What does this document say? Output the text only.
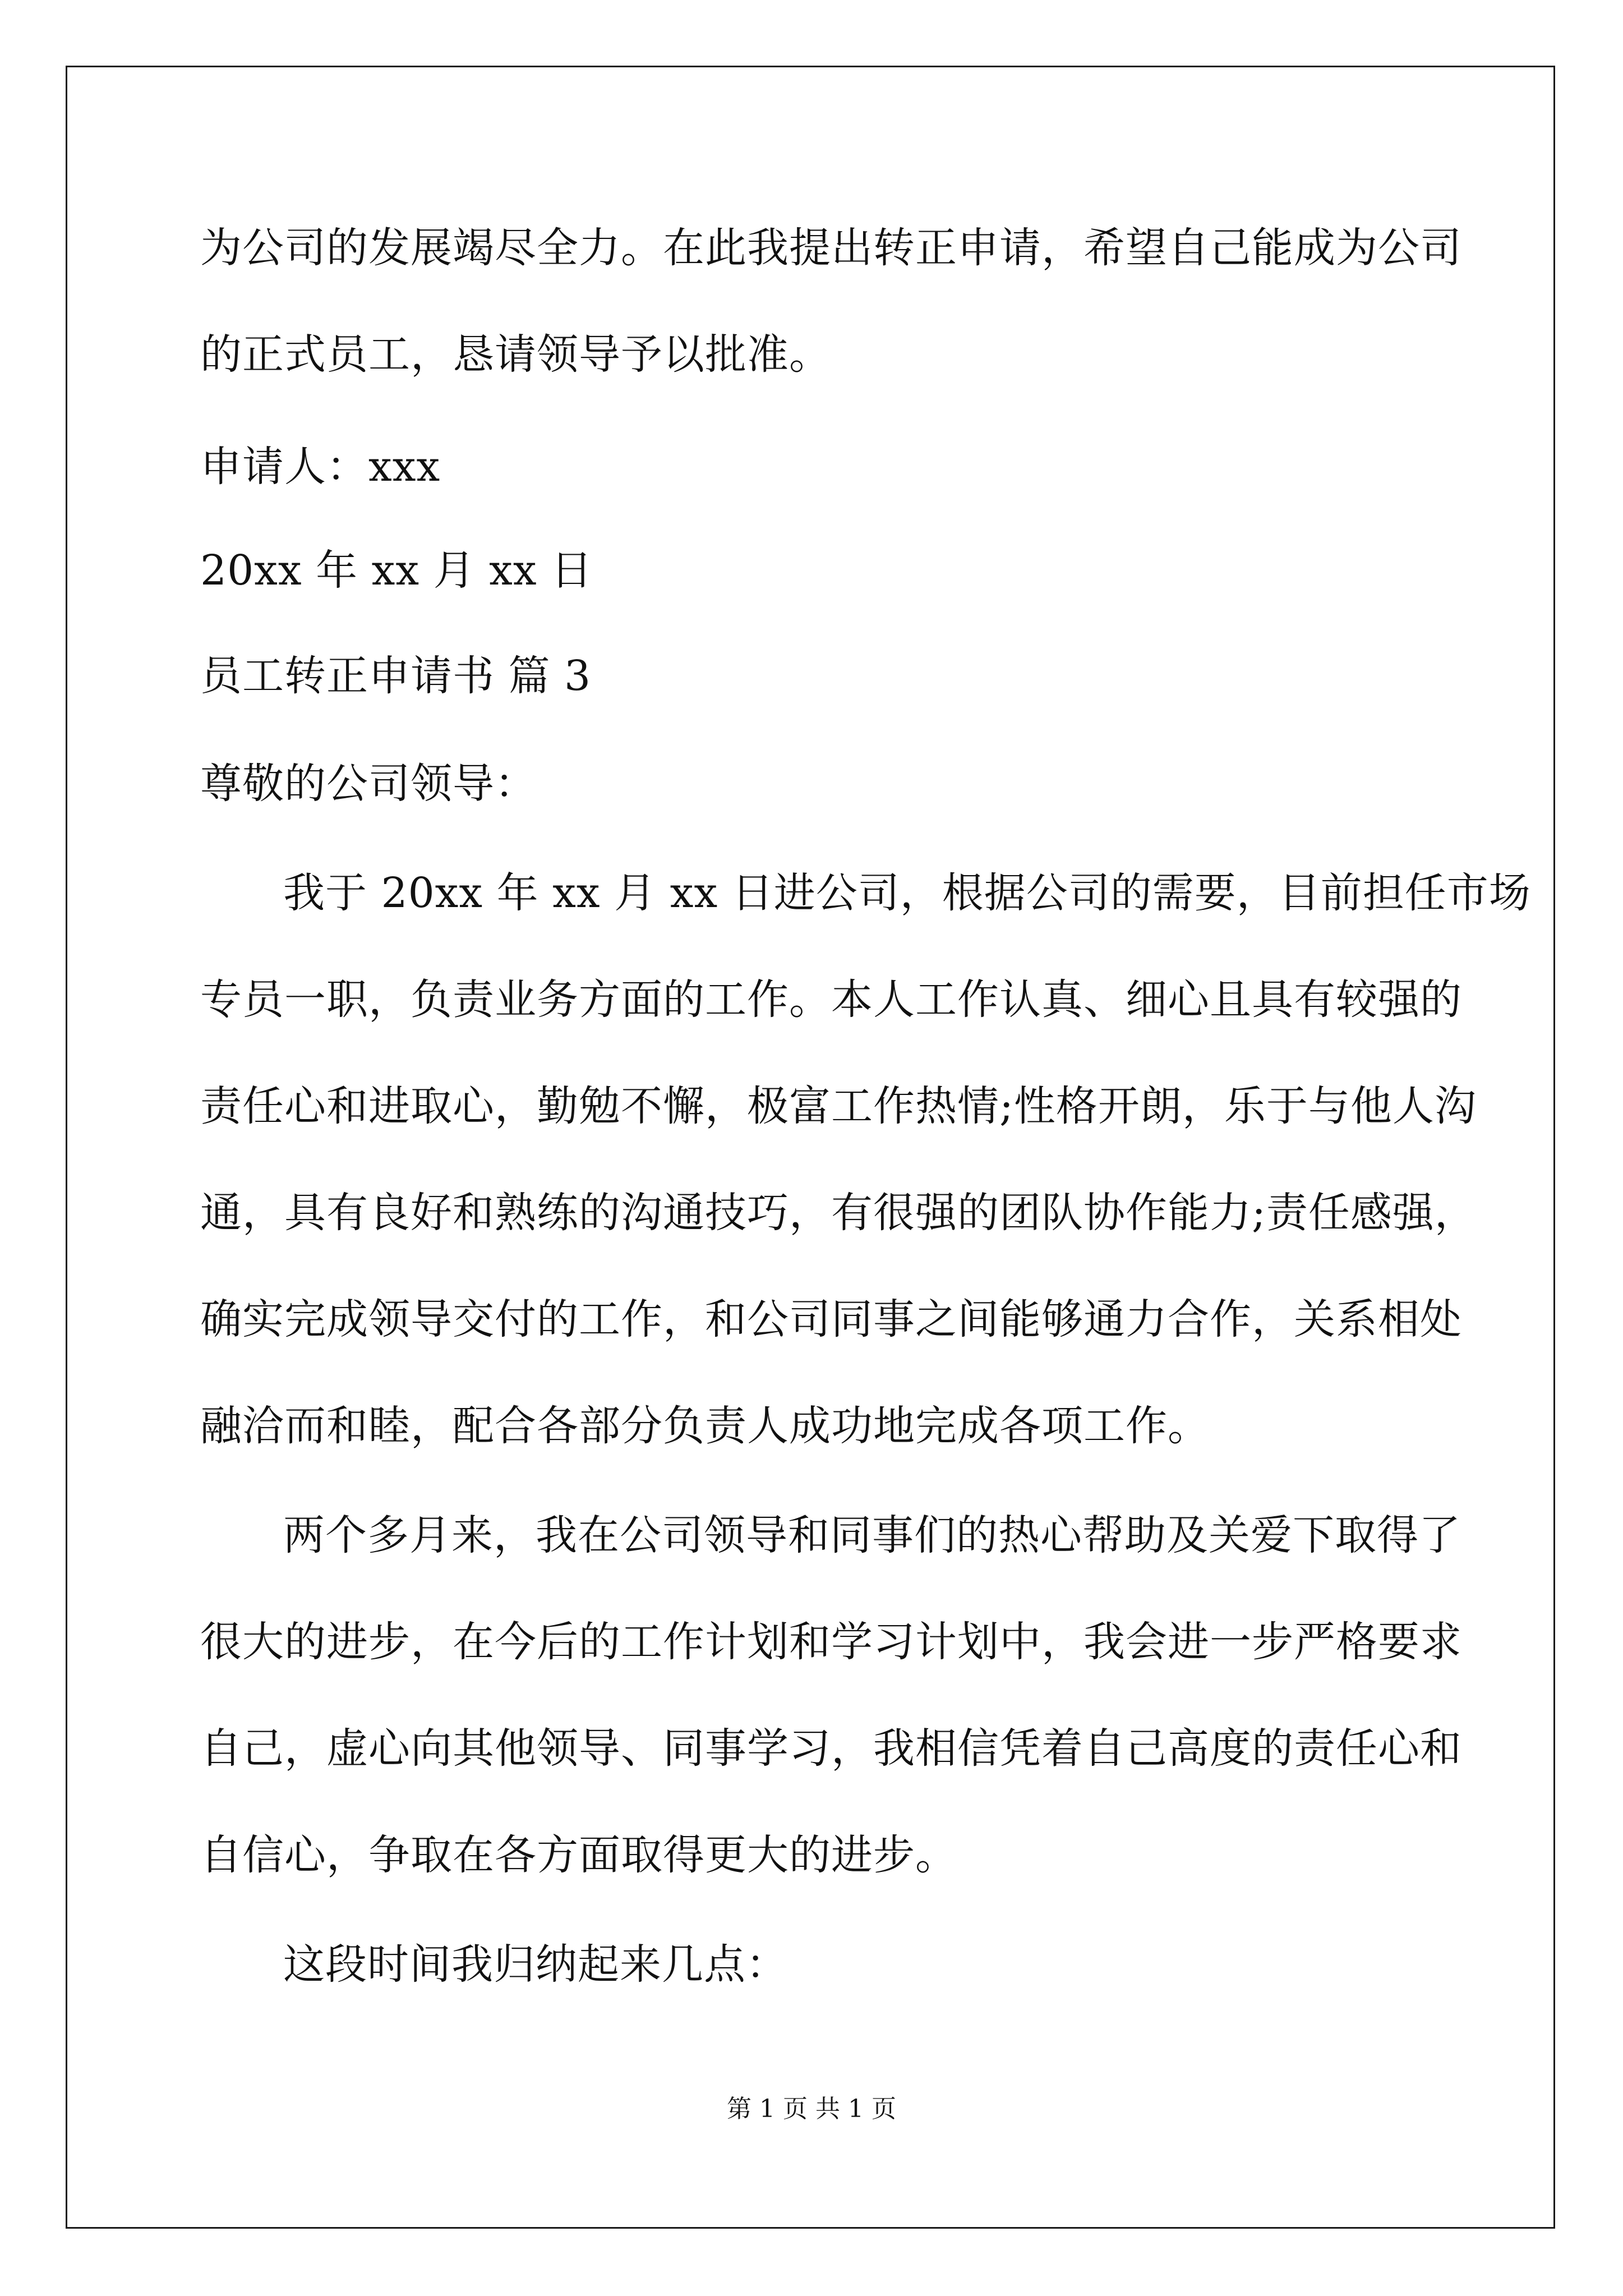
为公司的发展竭尽全力。在此我提出转正申请，希望自己能成为公司
的正式员工，恳请领导予以批准。
申请人：xxx
20xx 年 xx 月 xx 日
员工转正申请书 篇 3
尊敬的公司领导：
我于 20xx 年 xx 月 xx 日进公司，根据公司的需要，目前担任市场
专员一职，负责业务方面的工作。本人工作认真、细心且具有较强的
责任心和进取心，勤勉不懈，极富工作热情;性格开朗，乐于与他人沟
通，具有良好和熟练的沟通技巧，有很强的团队协作能力;责任感强，
确实完成领导交付的工作，和公司同事之间能够通力合作，关系相处
融洽而和睦，配合各部分负责人成功地完成各项工作。
两个多月来，我在公司领导和同事们的热心帮助及关爱下取得了
很大的进步，在今后的工作计划和学习计划中，我会进一步严格要求
自己，虚心向其他领导、同事学习，我相信凭着自己高度的责任心和
自信心，争取在各方面取得更大的进步。
这段时间我归纳起来几点：
第 1 页 共 1 页
